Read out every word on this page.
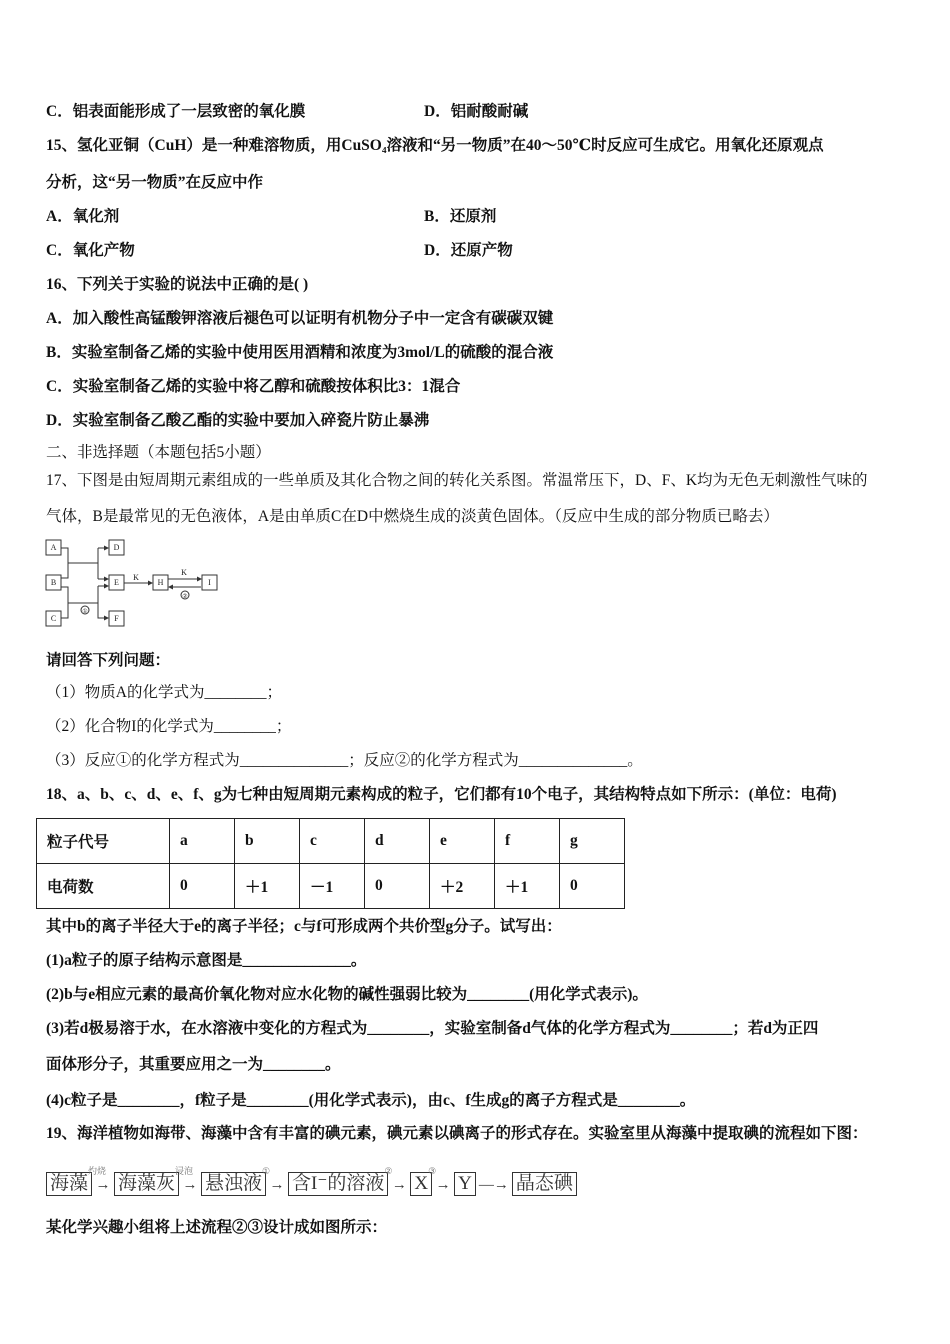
C．铝表面能形成了一层致密的氧化膜	D．铝耐酸耐碱
15、氢化亚铜（CuH）是一种难溶物质，用CuSO₄溶液和“另一物质”在40～50℃时反应可生成它。用氧化还原观点
分析，这“另一物质”在反应中作
A．氧化剂	B．还原剂
C．氧化产物	D．还原产物
16、下列关于实验的说法中正确的是( )
A．加入酸性高锰酸钾溶液后褪色可以证明有机物分子中一定含有碳碳双键
B．实验室制备乙烯的实验中使用医用酒精和浓度为3mol/L的硫酸的混合液
C．实验室制备乙烯的实验中将乙醇和硫酸按体积比3：1混合
D．实验室制备乙酸乙酯的实验中要加入碎瓷片防止暴沸
二、非选择题（本题包括5小题）
17、下图是由短周期元素组成的一些单质及其化合物之间的转化关系图。常温常压下，D、F、K均为无色无刺激性气味的
气体，B是最常见的无色液体，A是由单质C在D中燃烧生成的淡黄色固体。（反应中生成的部分物质已略去）
A
B
C
D
E
F
H	I
K
K
①
②
请回答下列问题：
（1）物质A的化学式为________；
（2）化合物I的化学式为________；
（3）反应①的化学方程式为______________；反应②的化学方程式为______________。
18、a、b、c、d、e、f、g为七种由短周期元素构成的粒子，它们都有10个电子，其结构特点如下所示：(单位：电荷)
粒子代号	a	b	c	d	e	f	g
电荷数	0	＋1	－1	0	＋2	＋1	0
其中b的离子半径大于e的离子半径；c与f可形成两个共价型g分子。试写出：
(1)a粒子的原子结构示意图是______________。
(2)b与e相应元素的最高价氧化物对应水化物的碱性强弱比较为________(用化学式表示)。
(3)若d极易溶于水，在水溶液中变化的方程式为________，实验室制备d气体的化学方程式为________；若d为正四
面体形分子，其重要应用之一为________。
(4)c粒子是________，f粒子是________(用化学式表示)，由c、f生成g的离子方程式是________。
19、海洋植物如海带、海藻中含有丰富的碘元素，碘元素以碘离子的形式存在。实验室里从海藻中提取碘的流程如下图：
海藻 →
灼烧
海藻灰 →
浸泡
悬浊液 →
①
含I⁻的溶液 →
②
X →
③
Y —→ 晶态碘
某化学兴趣小组将上述流程②③设计成如图所示：
